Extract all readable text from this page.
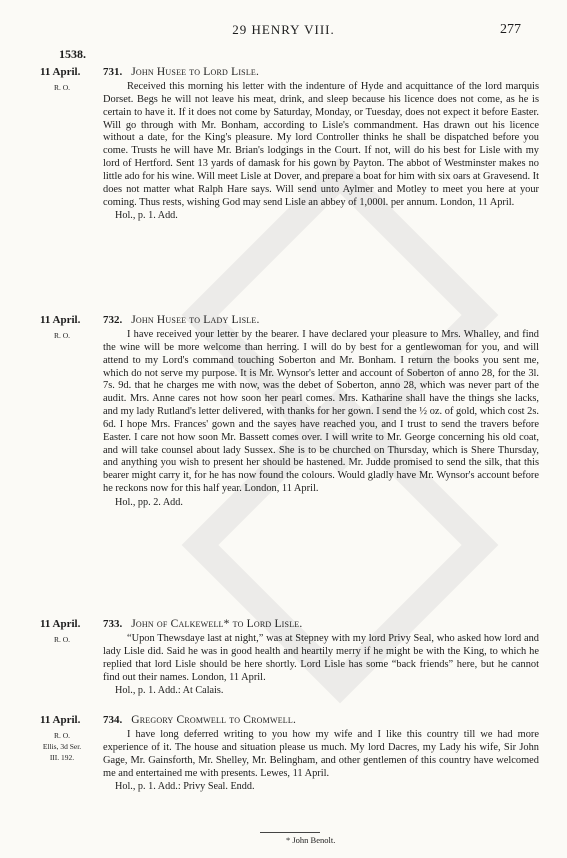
29 HENRY VIII.	277
1538.
11 April.	731. John Husee to Lord Lisle.
R. O.	Received this morning his letter with the indenture of Hyde and acquittance of the lord marquis Dorset. Begs he will not leave his meat, drink, and sleep because his licence does not come, as he is certain to have it. If it does not come by Saturday, Monday, or Tuesday, does not expect it before Easter. Will go through with Mr. Bonham, according to Lisle's commandment. Has drawn out his licence without a date, for the King's pleasure. My lord Controller thinks he shall be dispatched before you come. Trusts he will have Mr. Brian's lodgings in the Court. If not, will do his best for Lisle with my lord of Hertford. Sent 13 yards of damask for his gown by Payton. The abbot of Westminster makes no little ado for his wine. Will meet Lisle at Dover, and prepare a boat for him with six oars at Gravesend. It does not matter what Ralph Hare says. Will send unto Aylmer and Motley to meet you here at your coming. Thus rests, wishing God may send Lisle an abbey of 1,000l. per annum. London, 11 April.

Hol., p. 1. Add.
11 April.	732. John Husee to Lady Lisle.
R. O.	I have received your letter by the bearer. I have declared your pleasure to Mrs. Whalley, and find the wine will be more welcome than herring. I will do by best for a gentlewoman for you, and will attend to my Lord's command touching Soberton and Mr. Bonham. I return the books you sent me, which do not serve my purpose. It is Mr. Wynsor's letter and account of Soberton of anno 28, for the 3l. 7s. 9d. that he charges me with now, was the debet of Soberton, anno 28, which was never part of the audit. Mrs. Anne cares not how soon her pearl comes. Mrs. Katharine shall have the things she lacks, and my lady Rutland's letter delivered, with thanks for her gown. I send the ½ oz. of gold, which cost 2s. 6d. I hope Mrs. Frances' gown and the sayes have reached you, and I trust to send the travers before Easter. I care not how soon Mr. Bassett comes over. I will write to Mr. George concerning his old coat, and will take counsel about lady Sussex. She is to be churched on Thursday, which is Shere Thursday, and anything you wish to present her should be hastened. Mr. Judde promised to send the silk, that this bearer might carry it, for he has now found the colours. Would gladly have Mr. Wynsor's account before he reckons now for this half year. London, 11 April.

Hol., pp. 2. Add.
11 April.	733. John of Calkewell* to Lord Lisle.
R. O.	“Upon Thewsdaye last at night,” was at Stepney with my lord Privy Seal, who asked how lord and lady Lisle did. Said he was in good health and heartily merry if he might be with the King, to which he replied that lord Lisle should be here shortly. Lord Lisle has some “back friends” here, but he cannot find out their names. London, 11 April.

Hol., p. 1. Add.: At Calais.
11 April.	734. Gregory Cromwell to Cromwell.
R. O.
Ellis, 3d Ser.
III. 192.

I have long deferred writing to you how my wife and I like this country till we had more experience of it. The house and situation please us much. My lord Dacres, my Lady his wife, Sir John Gage, Mr. Gainsforth, Mr. Shelley, Mr. Belingham, and other gentlemen of this country have welcomed me and entertained me with presents. Lewes, 11 April.

Hol., p. 1. Add.: Privy Seal. Endd.
* John Benolt.
